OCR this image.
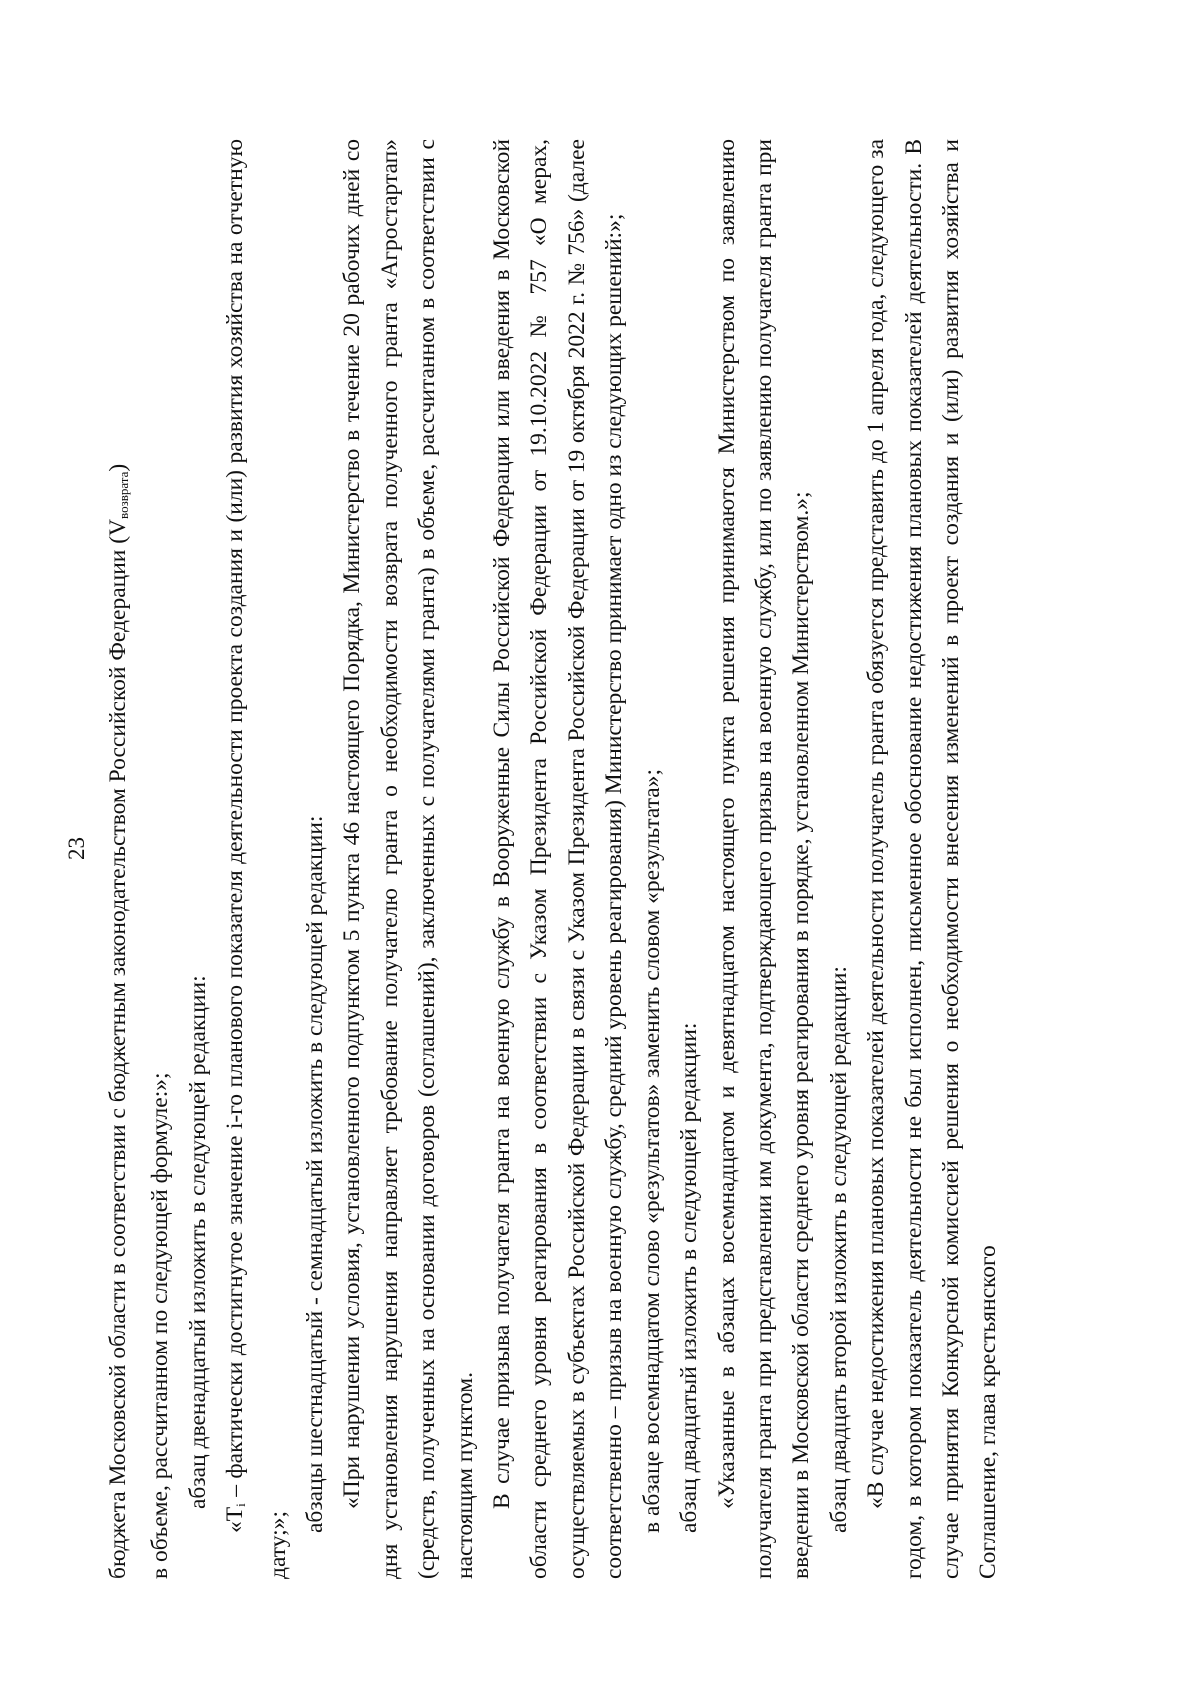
23 бюджета Московской области в соответствии с бюджетным законодательством Российской Федерации $(V_{возврата})$

в объеме, рассчитанном по следующей формуле:»; абзац двенадцатый изложить в следующей редакции:

«$T_i$ – фактически достигнутое значение i-го планового показателя деятельности проекта создания и (или) развития хозяйства на отчетную дату;»;

абзацы шестнадцатый - семнадцатый изложить в следующей редакции: «При нарушении условия, установленного подпунктом 5 пункта 46 настоящего Порядка, Министерство в течение 20 рабочих дней со дня установления нарушения направляет требование получателю гранта о необходимости возврата полученного гранта «Агростартап» (средств, полученных на основании договоров (соглашений), заключенных с получателями гранта) в объеме, рассчитанном в соответствии с настоящим пунктом. В случае призыва получателя гранта на военную службу в Вооруженные Силы Российской Федерации или введения в Московской области среднего уровня реагирования в соответствии с Указом Президента Российской Федерации от 19.10.2022 № 757 «О мерах, осуществляемых в субъектах Российской Федерации в связи с Указом Президента Российской Федерации от 19 октября 2022 г. № 756» (далее соответственно – призыв на военную службу, средний уровень реагирования) Министерство принимает одно из следующих решений:»; в абзаце восемнадцатом слово «результатов» заменить словом «результата»; абзац двадцатый изложить в следующей редакции: «Указанные в абзацах восемнадцатом и девятнадцатом настоящего пункта решения принимаются Министерством по заявлению получателя гранта при представлении им документа, подтверждающего призыв на военную службу, или по заявлению получателя гранта при введении в Московской области среднего уровня реагирования в порядке, установленном Министерством.»; абзац двадцать второй изложить в следующей редакции: «В случае недостижения плановых показателей деятельности получатель гранта обязуется представить до 1 апреля года, следующего за годом, в котором показатель деятельности не был исполнен, письменное обоснование недостижения плановых показателей деятельности. В случае принятия Конкурсной комиссией решения о необходимости внесения изменений в проект создания и (или) развития хозяйства и Соглашение, глава крестьянского
